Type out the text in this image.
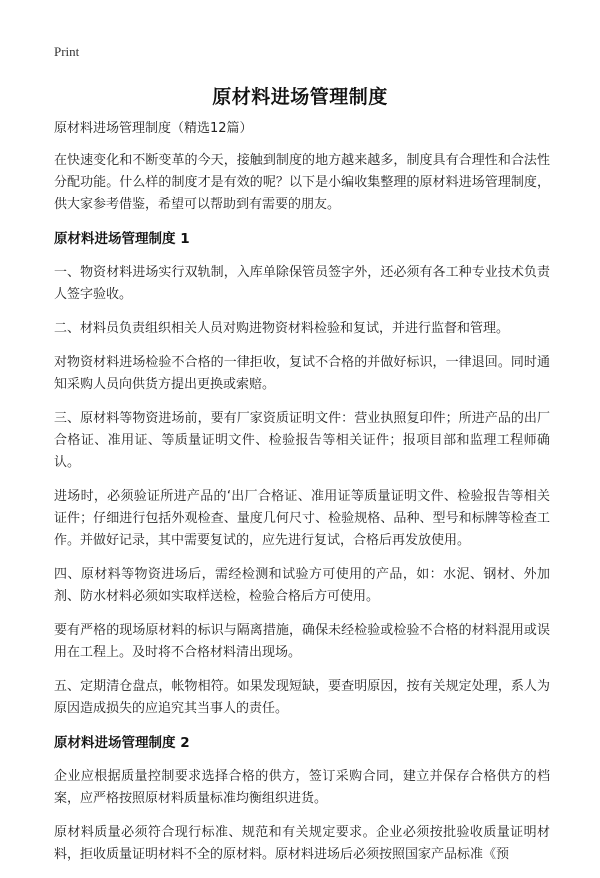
Print
原材料进场管理制度

原材料进场管理制度（精选12篇）

在快速变化和不断变革的今天，接触到制度的地方越来越多，制度具有合理性和合法性分配功能。什么样的制度才是有效的呢？以下是小编收集整理的原材料进场管理制度，供大家参考借鉴，希望可以帮助到有需要的朋友。

原材料进场管理制度 1

一、物资材料进场实行双轨制，入库单除保管员签字外，还必须有各工种专业技术负责人签字验收。

二、材料员负责组织相关人员对购进物资材料检验和复试，并进行监督和管理。

对物资材料进场检验不合格的一律拒收，复试不合格的并做好标识，一律退回。同时通知采购人员向供货方提出更换或索赔。

三、原材料等物资进场前，要有厂家资质证明文件：营业执照复印件；所进产品的出厂合格证、准用证、等质量证明文件、检验报告等相关证件；报项目部和监理工程师确认。

进场时，必须验证所进产品的‘出厂合格证、准用证等质量证明文件、检验报告等相关证件；仔细进行包括外观检查、量度几何尺寸、检验规格、品种、型号和标牌等检查工作。并做好记录，其中需要复试的，应先进行复试，合格后再发放使用。

四、原材料等物资进场后，需经检测和试验方可使用的产品，如：水泥、钢材、外加剂、防水材料必须如实取样送检，检验合格后方可使用。

要有严格的现场原材料的标识与隔离措施，确保未经检验或检验不合格的材料混用或误用在工程上。及时将不合格材料清出现场。

五、定期清仓盘点，帐物相符。如果发现短缺，要查明原因，按有关规定处理，系人为原因造成损失的应追究其当事人的责任。

原材料进场管理制度 2

企业应根据质量控制要求选择合格的供方，签订采购合同，建立并保存合格供方的档案，应严格按照原材料质量标准均衡组织进货。

原材料质量必须符合现行标准、规范和有关规定要求。企业必须按批验收质量证明材料，拒收质量证明材料不全的原材料。原材料进场后必须按照国家产品标准《预
